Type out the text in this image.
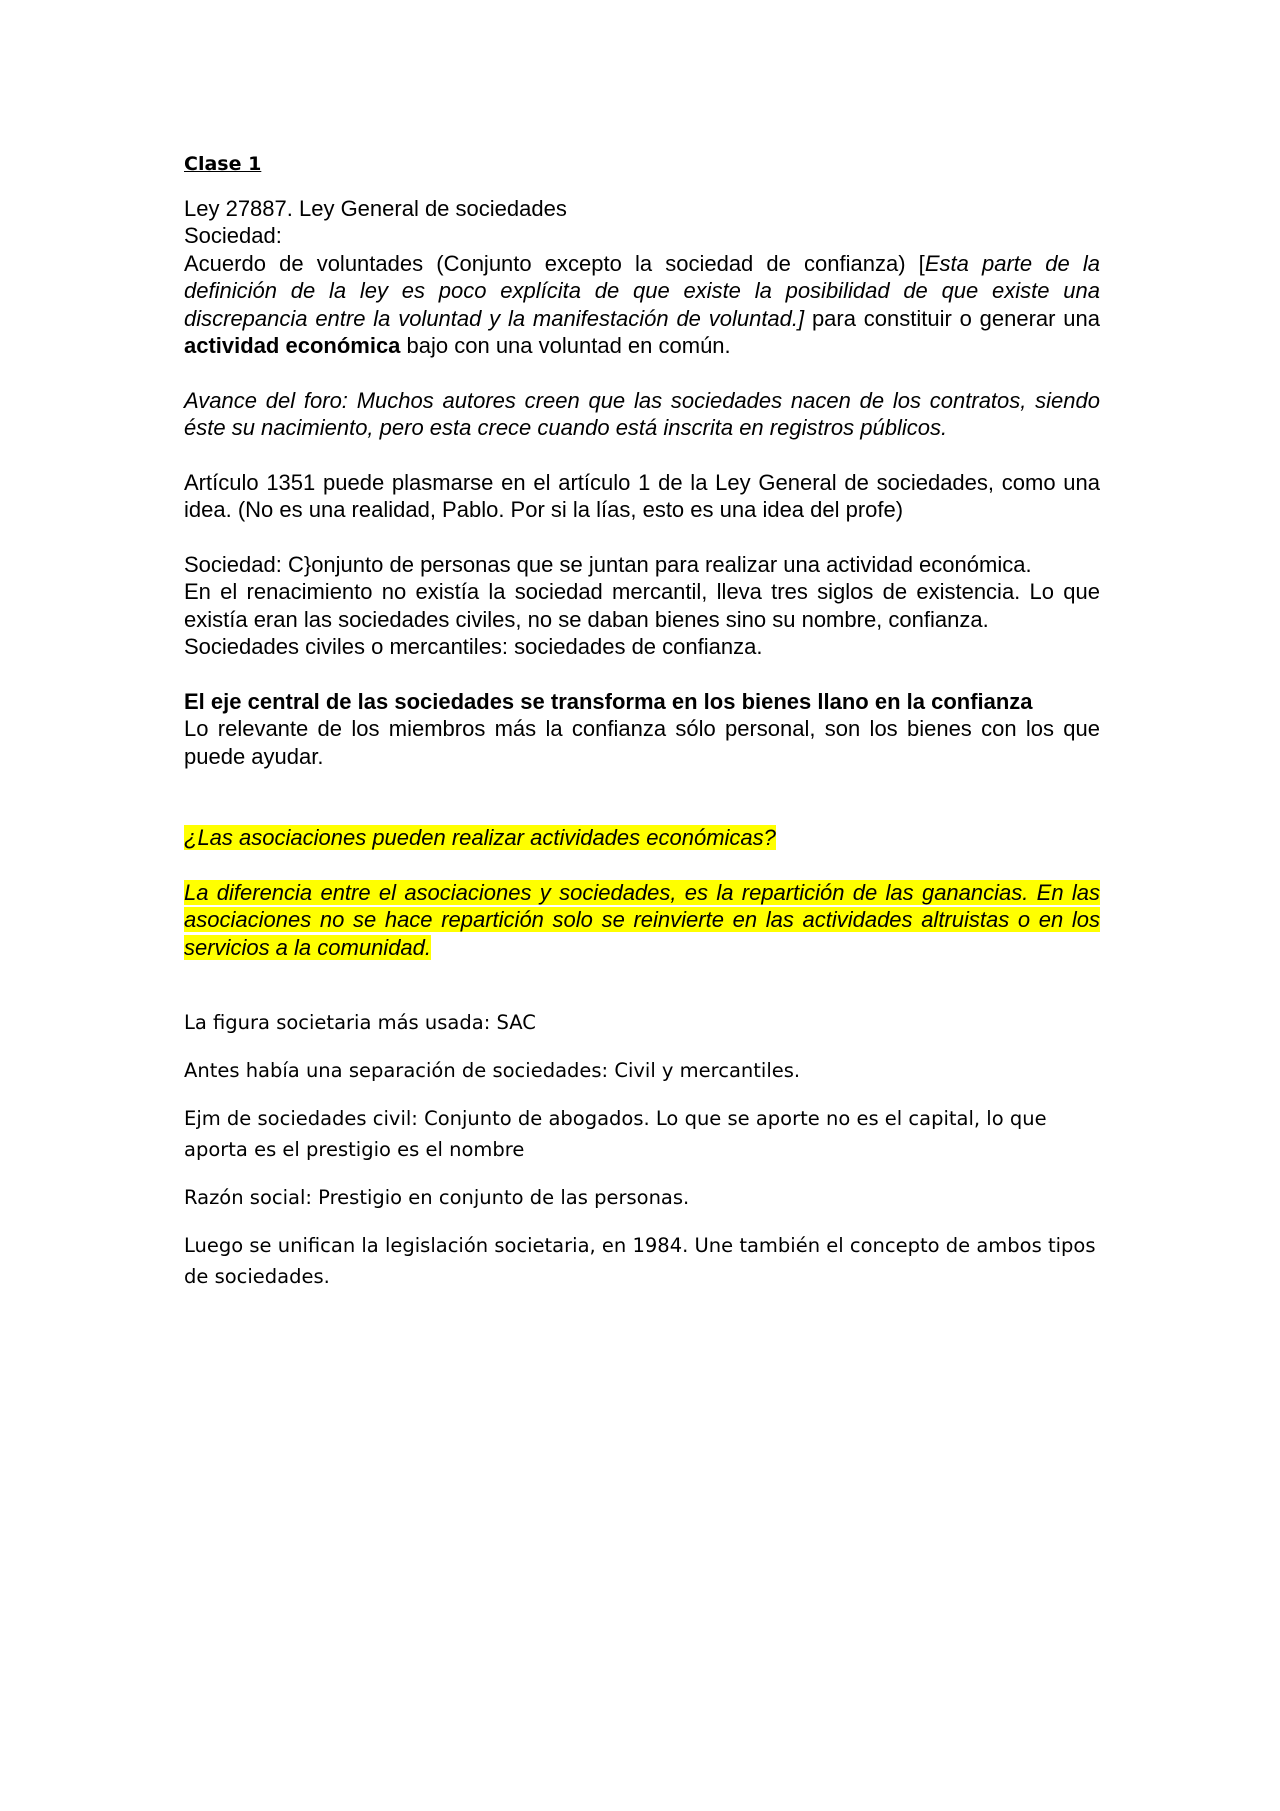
Clase 1
Ley 27887. Ley General de sociedades
Sociedad:
Acuerdo de voluntades (Conjunto excepto la sociedad de confianza) [Esta parte de la definición de la ley es poco explícita de que existe la posibilidad de que existe una discrepancia entre la voluntad y la manifestación de voluntad.] para constituir o generar una actividad económica bajo con una voluntad en común.
Avance del foro: Muchos autores creen que las sociedades nacen de los contratos, siendo éste su nacimiento, pero esta crece cuando está inscrita en registros públicos.
Artículo 1351 puede plasmarse en el artículo 1 de la Ley General de sociedades, como una idea. (No es una realidad, Pablo. Por si la lías, esto es una idea del profe)
Sociedad: C}onjunto de personas que se juntan para realizar una actividad económica.
En el renacimiento no existía la sociedad mercantil, lleva tres siglos de existencia. Lo que existía eran las sociedades civiles, no se daban bienes sino su nombre, confianza.
Sociedades civiles o mercantiles: sociedades de confianza.
El eje central de las sociedades se transforma en los bienes llano en la confianza
Lo relevante de los miembros más la confianza sólo personal, son los bienes con los que puede ayudar.
¿Las asociaciones pueden realizar actividades económicas?
La diferencia entre el asociaciones y sociedades, es la repartición de las ganancias. En las asociaciones no se hace repartición solo se reinvierte en las actividades altruistas o en los servicios a la comunidad.
La figura societaria más usada: SAC
Antes había una separación de sociedades: Civil y mercantiles.
Ejm de sociedades civil: Conjunto de abogados. Lo que se aporte no es el capital, lo que aporta es el prestigio es el nombre
Razón social: Prestigio en conjunto de las personas.
Luego se unifican la legislación societaria, en 1984. Une también el concepto de ambos tipos de sociedades.
